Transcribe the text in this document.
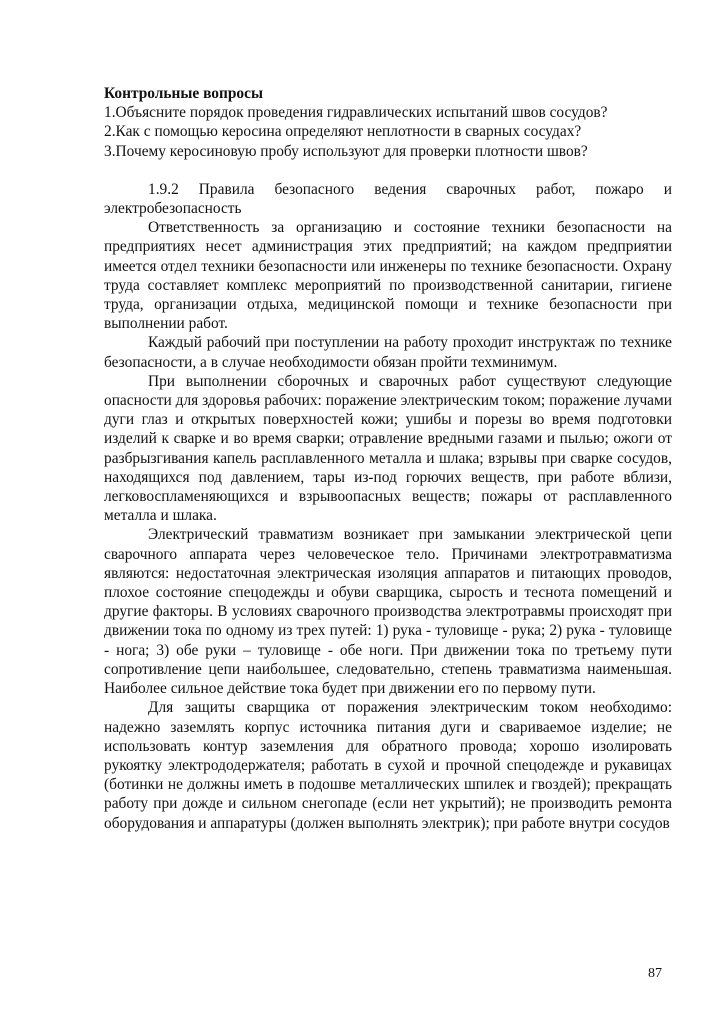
Контрольные вопросы
1.Объясните порядок проведения гидравлических испытаний швов сосудов?
2.Как с помощью керосина определяют неплотности в сварных сосудах?
3.Почему керосиновую пробу используют для проверки плотности швов?
1.9.2 Правила безопасного ведения сварочных работ, пожаро и электробезопасность

Ответственность за организацию и состояние техники безопасности на предприятиях несет администрация этих предприятий; на каждом предприятии имеется отдел техники безопасности или инженеры по технике безопасности. Охрану труда составляет комплекс мероприятий по производственной санитарии, гигиене труда, организации отдыха, медицинской помощи и технике безопасности при выполнении работ.

Каждый рабочий при поступлении на работу проходит инструктаж по технике безопасности, а в случае необходимости обязан пройти техминимум.

При выполнении сборочных и сварочных работ существуют следующие опасности для здоровья рабочих: поражение электрическим током; поражение лучами дуги глаз и открытых поверхностей кожи; ушибы и порезы во время подготовки изделий к сварке и во время сварки; отравление вредными газами и пылью; ожоги от разбрызгивания капель расплавленного металла и шлака; взрывы при сварке сосудов, находящихся под давлением, тары из-под горючих веществ, при работе вблизи, легковоспламеняющихся и взрывоопасных веществ; пожары от расплавленного металла и шлака.

Электрический травматизм возникает при замыкании электрической цепи сварочного аппарата через человеческое тело. Причинами электротравматизма являются: недостаточная электрическая изоляция аппаратов и питающих проводов, плохое состояние спецодежды и обуви сварщика, сырость и теснота помещений и другие факторы. В условиях сварочного производства электротравмы происходят при движении тока по одному из трех путей: 1) рука - туловище - рука; 2) рука - туловище - нога; 3) обе руки – туловище - обе ноги. При движении тока по третьему пути сопротивление цепи наибольшее, следовательно, степень травматизма наименьшая. Наиболее сильное действие тока будет при движении его по первому пути.

Для защиты сварщика от поражения электрическим током необходимо: надежно заземлять корпус источника питания дуги и свариваемое изделие; не использовать контур заземления для обратного провода; хорошо изолировать рукоятку электрододержателя; работать в сухой и прочной спецодежде и рукавицах (ботинки не должны иметь в подошве металлических шпилек и гвоздей); прекращать работу при дожде и сильном снегопаде (если нет укрытий); не производить ремонта оборудования и аппаратуры (должен выполнять электрик); при работе внутри сосудов

87
